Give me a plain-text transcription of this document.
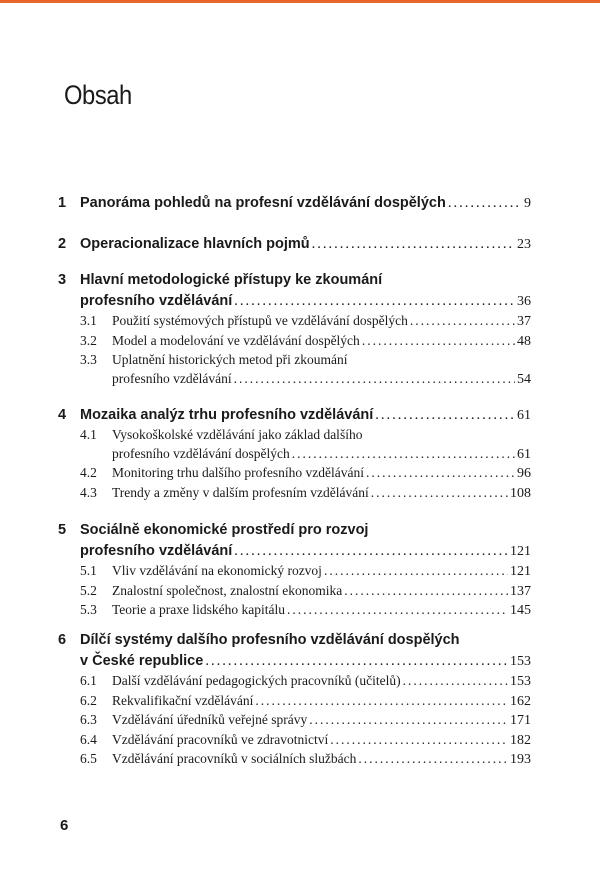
Obsah
1 Panoráma pohledů na profesní vzdělávání dospělých .....	9
2 Operacionalizace hlavních pojmů .....	23
3 Hlavní metodologické přístupy ke zkoumání
profesního vzdělávání .....	36
3.1	Použití systémových přístupů ve vzdělávání dospělých .....	37
3.2	Model a modelování ve vzdělávání dospělých .....	48
3.3	Uplatnění historických metod při zkoumání
profesního vzdělávání .....	54
4 Mozaika analýz trhu profesního vzdělávání .....	61
4.1	Vysokoškolské vzdělávání jako základ dalšího
profesního vzdělávání dospělých .....	61
4.2	Monitoring trhu dalšího profesního vzdělávání .....	96
4.3	Trendy a změny v dalším profesním vzdělávání .....	108
5 Sociálně ekonomické prostředí pro rozvoj
profesního vzdělávání .....	121
5.1	Vliv vzdělávání na ekonomický rozvoj .....	121
5.2	Znalostní společnost, znalostní ekonomika .....	137
5.3	Teorie a praxe lidského kapitálu .....	145
6 Dílčí systémy dalšího profesního vzdělávání dospělých
v České republice .....	153
6.1	Další vzdělávání pedagogických pracovníků (učitelů) .....	153
6.2	Rekvalifikační vzdělávání .....	162
6.3	Vzdělávání úředníků veřejné správy .....	171
6.4	Vzdělávání pracovníků ve zdravotnictví .....	182
6.5	Vzdělávání pracovníků v sociálních službách .....	193
6
